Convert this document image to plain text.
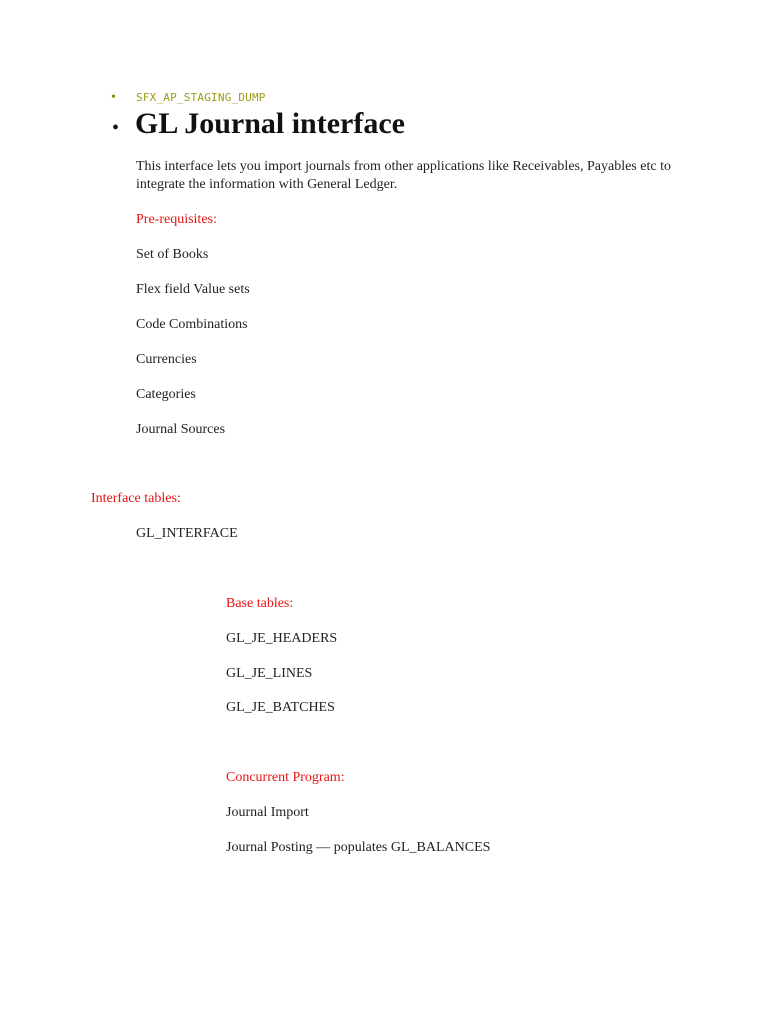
• SFX_AP_STAGING_DUMP
• GL Journal interface
This interface lets you import journals from other applications like Receivables, Payables etc to integrate the information with General Ledger.
Pre-requisites:
Set of Books
Flex field Value sets
Code Combinations
Currencies
Categories
Journal Sources
Interface tables:
GL_INTERFACE
Base tables:
GL_JE_HEADERS
GL_JE_LINES
GL_JE_BATCHES
Concurrent Program:
Journal Import
Journal Posting — populates GL_BALANCES
